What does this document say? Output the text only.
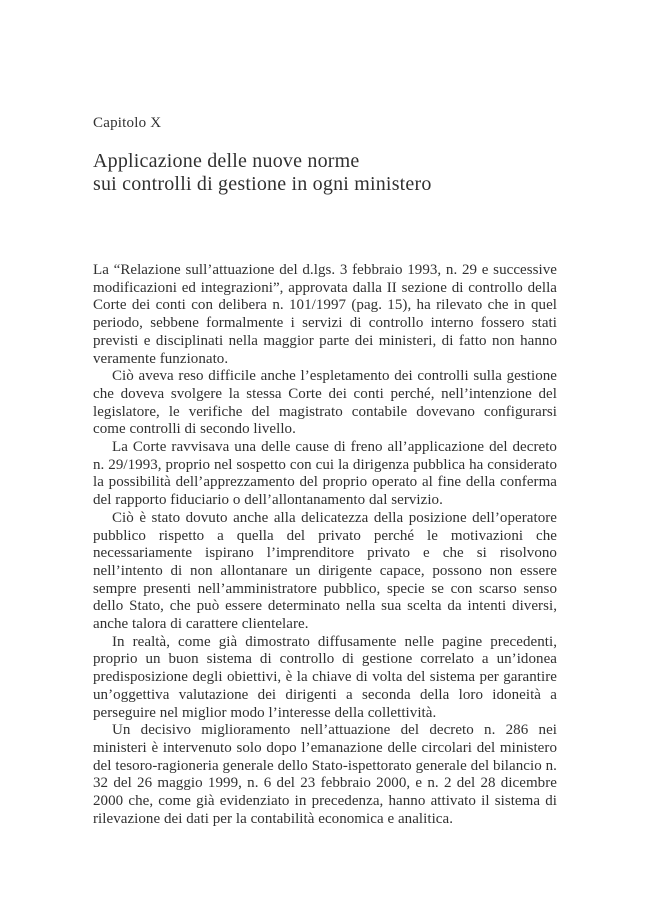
Capitolo X
Applicazione delle nuove norme
sui controlli di gestione in ogni ministero

La “Relazione sull’attuazione del d.lgs. 3 febbraio 1993, n. 29 e successive modificazioni ed integrazioni”, approvata dalla II sezione di controllo della Corte dei conti con delibera n. 101/1997 (pag. 15), ha rilevato che in quel periodo, sebbene formalmente i servizi di controllo interno fossero stati previsti e disciplinati nella maggior parte dei ministeri, di fatto non hanno veramente funzionato.

Ciò aveva reso difficile anche l’espletamento dei controlli sulla gestione che doveva svolgere la stessa Corte dei conti perché, nell’intenzione del legislatore, le verifiche del magistrato contabile dovevano configurarsi come controlli di secondo livello.

La Corte ravvisava una delle cause di freno all’applicazione del decreto n. 29/1993, proprio nel sospetto con cui la dirigenza pubblica ha considerato la possibilità dell’apprezzamento del proprio operato al fine della conferma del rapporto fiduciario o dell’allontanamento dal servizio.

Ciò è stato dovuto anche alla delicatezza della posizione dell’operatore pubblico rispetto a quella del privato perché le motivazioni che necessariamente ispirano l’imprenditore privato e che si risolvono nell’intento di non allontanare un dirigente capace, possono non essere sempre presenti nell’amministratore pubblico, specie se con scarso senso dello Stato, che può essere determinato nella sua scelta da intenti diversi, anche talora di carattere clientelare.

In realtà, come già dimostrato diffusamente nelle pagine precedenti, proprio un buon sistema di controllo di gestione correlato a un’idonea predisposizione degli obiettivi, è la chiave di volta del sistema per garantire un’oggettiva valutazione dei dirigenti a seconda della loro idoneità a perseguire nel miglior modo l’interesse della collettività.

Un decisivo miglioramento nell’attuazione del decreto n. 286 nei ministeri è intervenuto solo dopo l’emanazione delle circolari del ministero del tesoro-ragioneria generale dello Stato-ispettorato generale del bilancio n. 32 del 26 maggio 1999, n. 6 del 23 febbraio 2000, e n. 2 del 28 dicembre 2000 che, come già evidenziato in precedenza, hanno attivato il sistema di rilevazione dei dati per la contabilità economica e analitica.
